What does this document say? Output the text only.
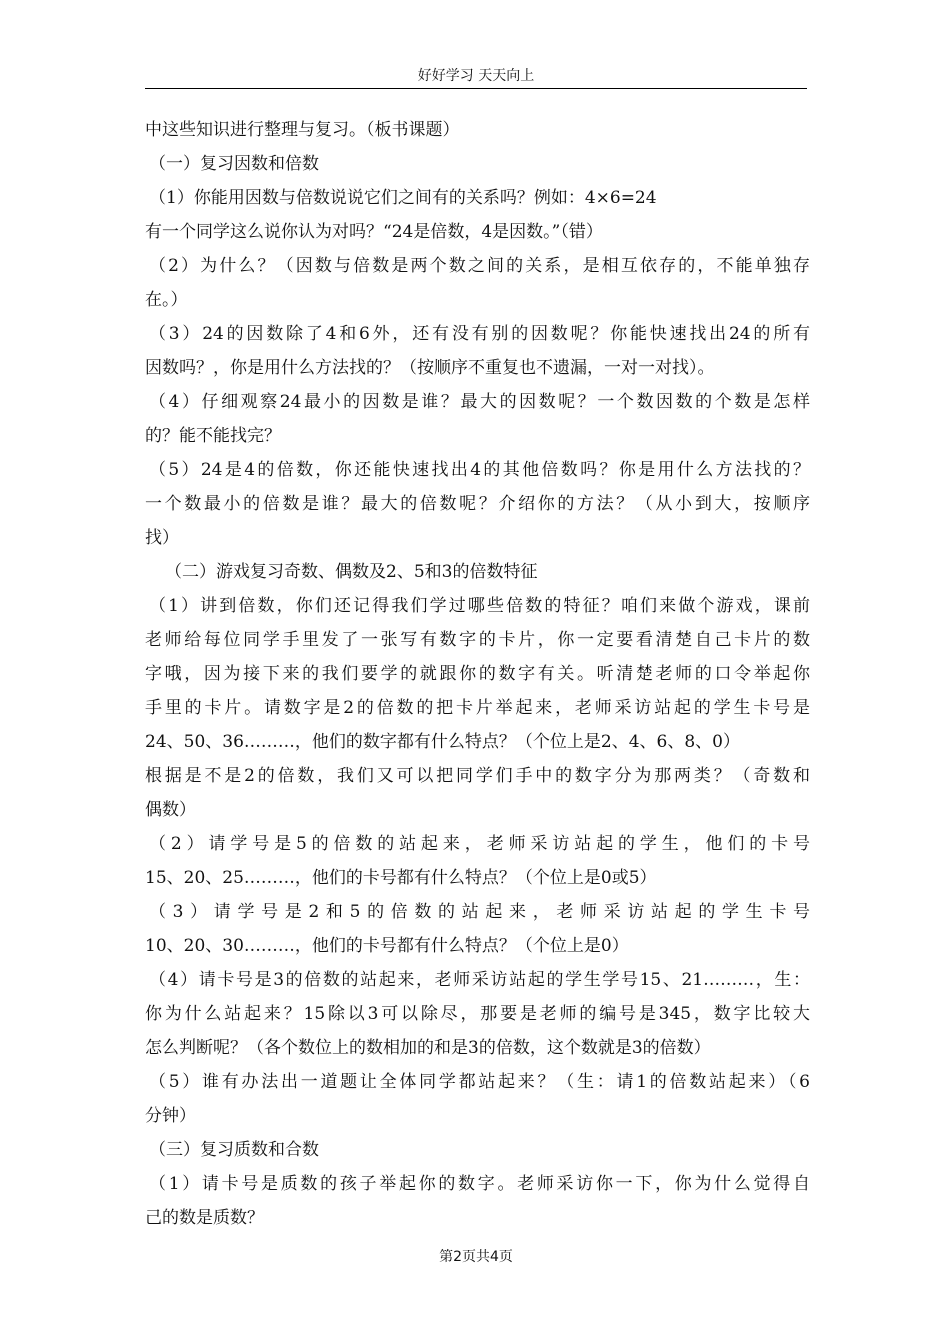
好好学习 天天向上
中这些知识进行整理与复习。（板书课题）
（一）复习因数和倍数
（1）你能用因数与倍数说说它们之间有的关系吗？例如：4×6=24
有一个同学这么说你认为对吗？“24是倍数，4是因数。”（错）
（2）为什么？（因数与倍数是两个数之间的关系，是相互依存的，不能单独存
在。）
（3）24的因数除了4和6外，还有没有别的因数呢？你能快速找出24的所有
因数吗？，你是用什么方法找的？（按顺序不重复也不遗漏，一对一对找）。
（4）仔细观察24最小的因数是谁？最大的因数呢？一个数因数的个数是怎样
的？能不能找完？
（5）24是4的倍数，你还能快速找出4的其他倍数吗？你是用什么方法找的？
一个数最小的倍数是谁？最大的倍数呢？介绍你的方法？（从小到大，按顺序
找）
（二）游戏复习奇数、偶数及2、5和3的倍数特征
（1）讲到倍数，你们还记得我们学过哪些倍数的特征？咱们来做个游戏，课前
老师给每位同学手里发了一张写有数字的卡片，你一定要看清楚自己卡片的数
字哦，因为接下来的我们要学的就跟你的数字有关。听清楚老师的口令举起你
手里的卡片。请数字是2的倍数的把卡片举起来，老师采访站起的学生卡号是
24、50、36………，他们的数字都有什么特点？（个位上是2、4、6、8、0）
根据是不是2的倍数，我们又可以把同学们手中的数字分为那两类？（奇数和
偶数）
（2）请学号是5的倍数的站起来，老师采访站起的学生，他们的卡号
15、20、25………，他们的卡号都有什么特点？（个位上是0或5）
（3）请学号是2和5的倍数的站起来，老师采访站起的学生卡号
10、20、30………，他们的卡号都有什么特点？（个位上是0）
（4）请卡号是3的倍数的站起来，老师采访站起的学生学号15、21………，生：
你为什么站起来？15除以3可以除尽，那要是老师的编号是345，数字比较大
怎么判断呢？（各个数位上的数相加的和是3的倍数，这个数就是3的倍数）
（5）谁有办法出一道题让全体同学都站起来？（生：请1的倍数站起来）（6
分钟）
（三）复习质数和合数
（1）请卡号是质数的孩子举起你的数字。老师采访你一下，你为什么觉得自
己的数是质数？
第2页共4页
